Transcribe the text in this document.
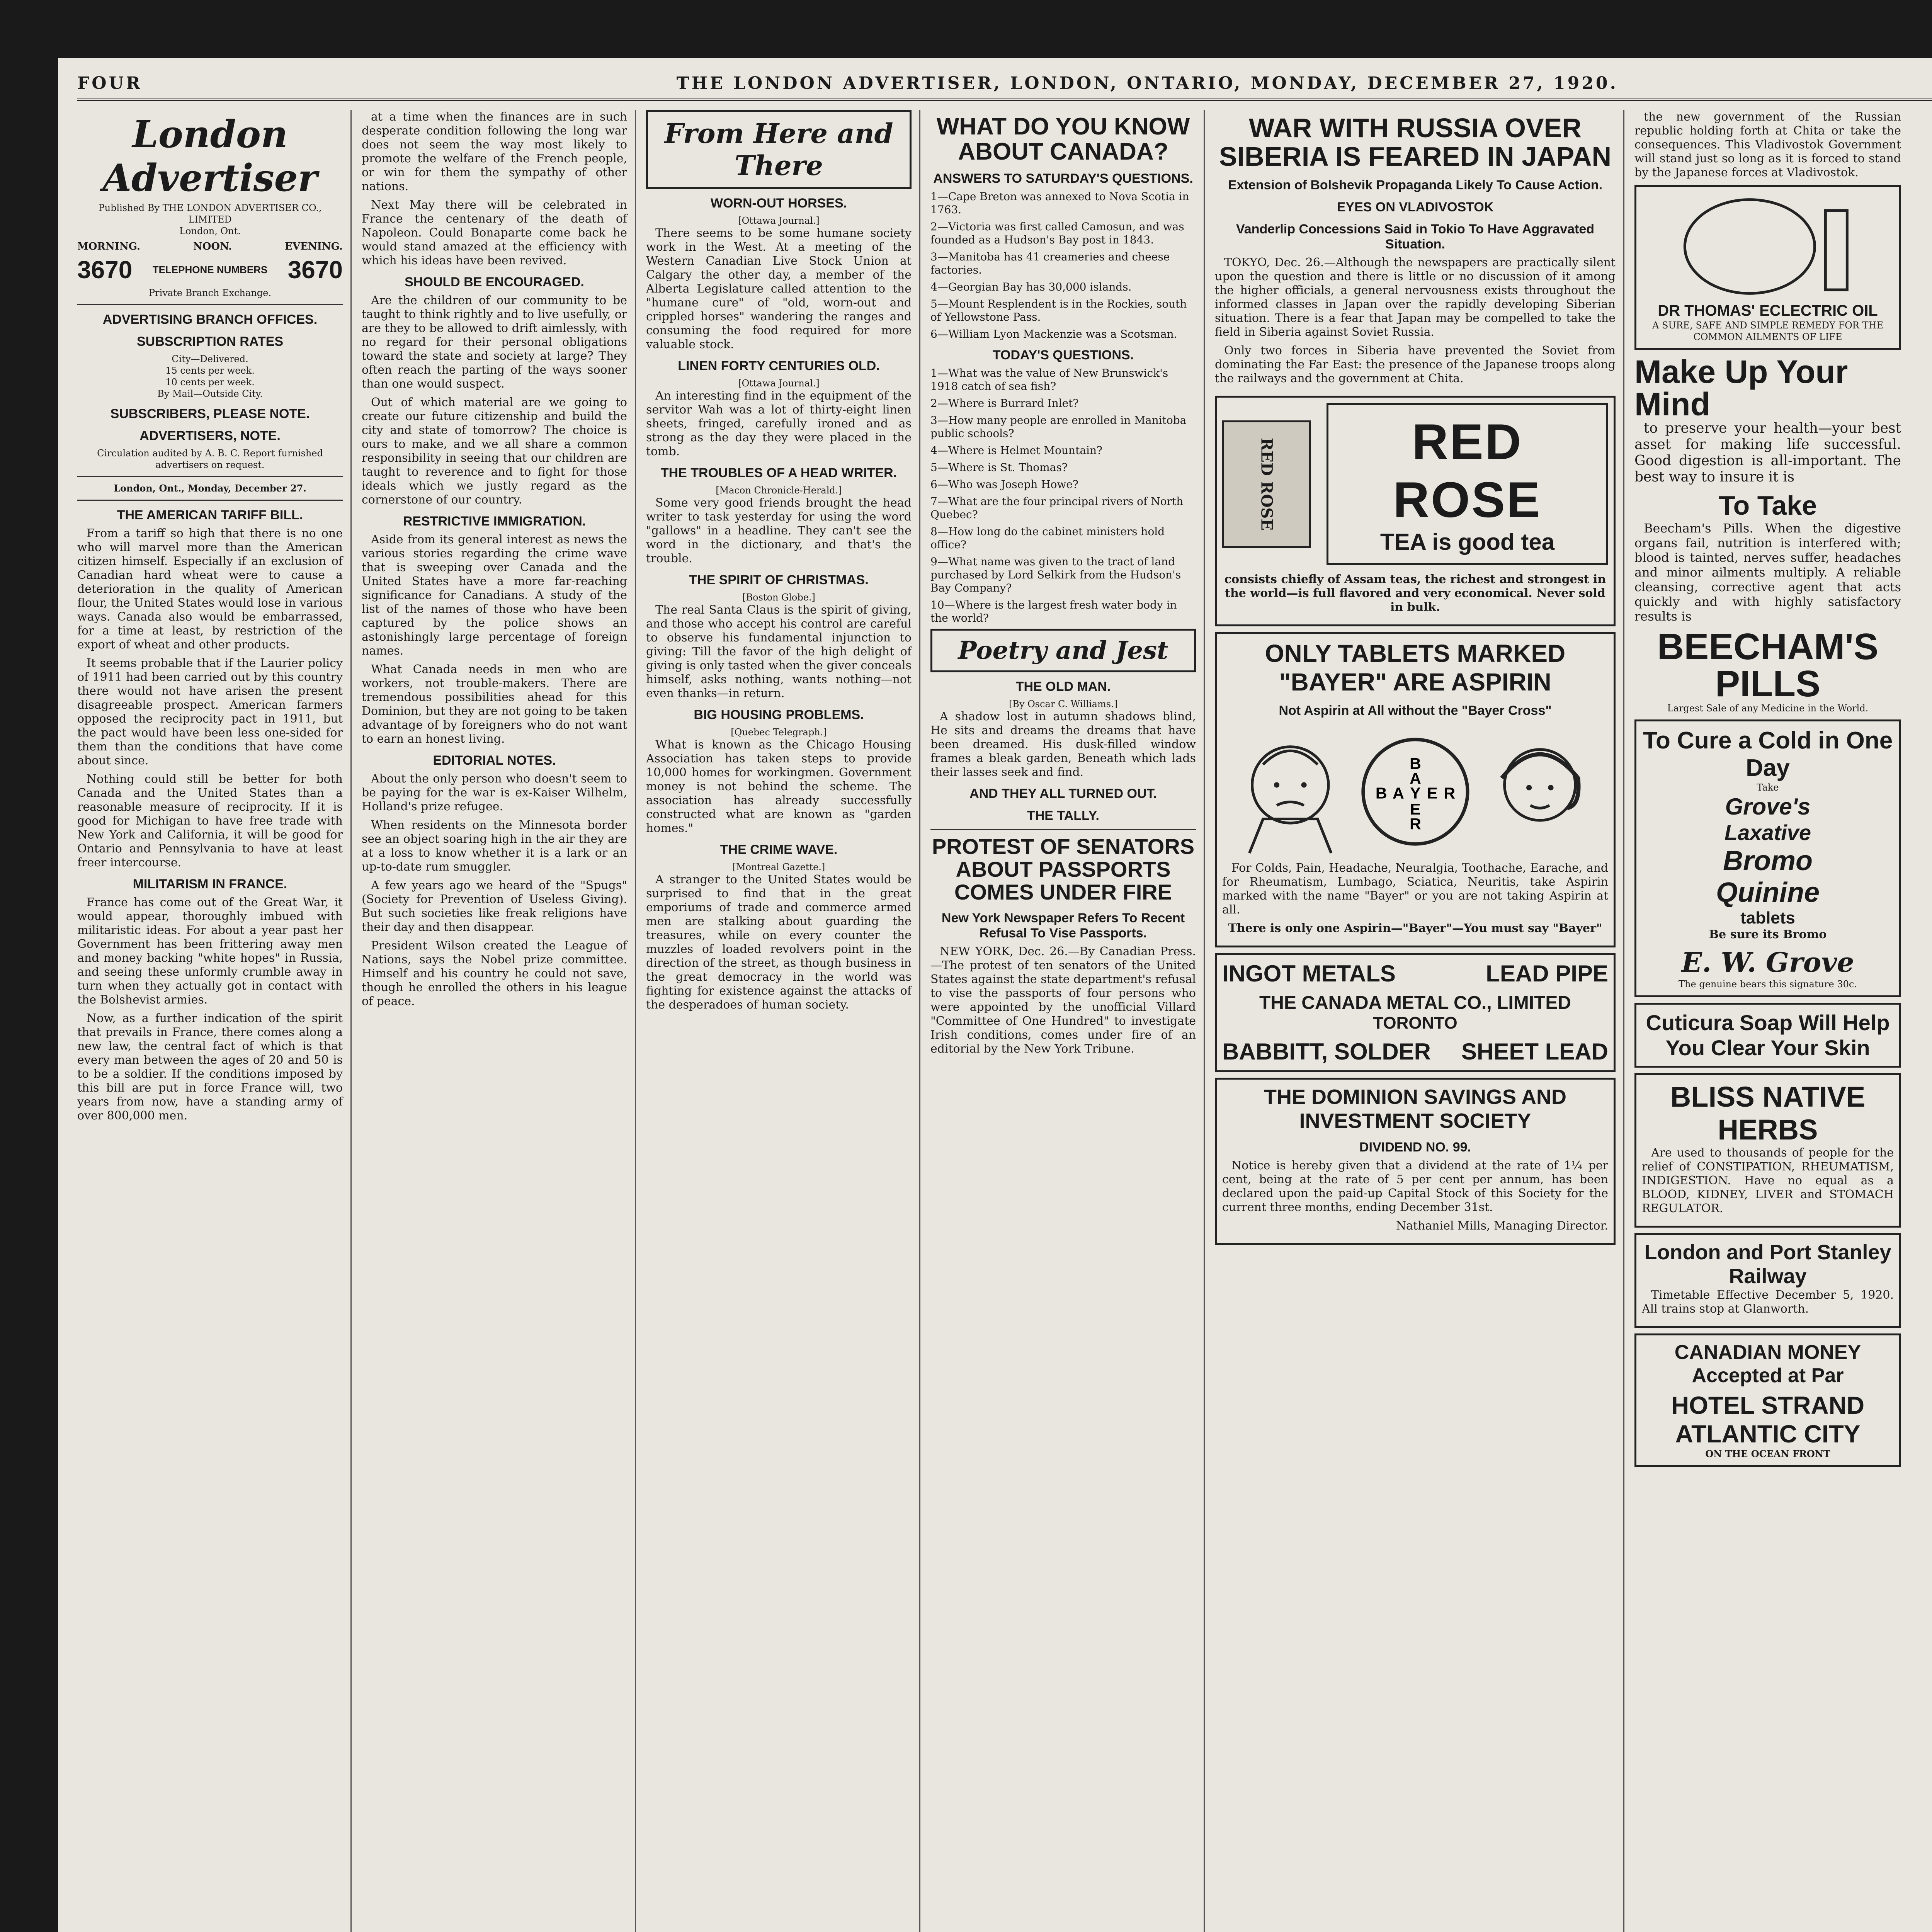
FOUR	THE LONDON ADVERTISER, LONDON, ONTARIO, MONDAY, DECEMBER 27, 1920.
London Advertiser

Published By THE LONDON ADVERTISER CO., LIMITED

London, Ont.

MORNING.	NOON.	EVENING.
3670 TELEPHONE NUMBERS 3670

Private Branch Exchange.

ADVERTISING BRANCH OFFICES.
SUBSCRIPTION RATES

City—Delivered.

15 cents per week.

10 cents per week.

By Mail—Outside City.

SUBSCRIBERS, PLEASE NOTE.
ADVERTISERS, NOTE.

Circulation audited by A. B. C. Report furnished advertisers on request.

London, Ont., Monday, December 27.

THE AMERICAN TARIFF BILL.

From a tariff so high that there is no one who will marvel more than the American citizen himself. Especially if an exclusion of Canadian hard wheat were to cause a deterioration in the quality of American flour, the United States would lose in various ways. Canada also would be embarrassed, for a time at least, by restriction of the export of wheat and other products.

It seems probable that if the Laurier policy of 1911 had been carried out by this country there would not have arisen the present disagreeable prospect. American farmers opposed the reciprocity pact in 1911, but the pact would have been less one-sided for them than the conditions that have come about since.

Nothing could still be better for both Canada and the United States than a reasonable measure of reciprocity. If it is good for Michigan to have free trade with New York and California, it will be good for Ontario and Pennsylvania to have at least freer intercourse.

MILITARISM IN FRANCE.

France has come out of the Great War, it would appear, thoroughly imbued with militaristic ideas. For about a year past her Government has been frittering away men and money backing "white hopes" in Russia, and seeing these unformly crumble away in turn when they actually got in contact with the Bolshevist armies.

Now, as a further indication of the spirit that prevails in France, there comes along a new law, the central fact of which is that every man between the ages of 20 and 50 is to be a soldier. If the conditions imposed by this bill are put in force France will, two years from now, have a standing army of over 800,000 men.

at a time when the finances are in such desperate condition following the long war does not seem the way most likely to promote the welfare of the French people, or win for them the sympathy of other nations.

Next May there will be celebrated in France the centenary of the death of Napoleon. Could Bonaparte come back he would stand amazed at the efficiency with which his ideas have been revived.

SHOULD BE ENCOURAGED.

Are the children of our community to be taught to think rightly and to live usefully, or are they to be allowed to drift aimlessly, with no regard for their personal obligations toward the state and society at large? They often reach the parting of the ways sooner than one would suspect.

Out of which material are we going to create our future citizenship and build the city and state of tomorrow? The choice is ours to make, and we all share a common responsibility in seeing that our children are taught to reverence and to fight for those ideals which we justly regard as the cornerstone of our country.

RESTRICTIVE IMMIGRATION.

Aside from its general interest as news the various stories regarding the crime wave that is sweeping over Canada and the United States have a more far-reaching significance for Canadians. A study of the list of the names of those who have been captured by the police shows an astonishingly large percentage of foreign names.

What Canada needs in men who are workers, not trouble-makers. There are tremendous possibilities ahead for this Dominion, but they are not going to be taken advantage of by foreigners who do not want to earn an honest living.

EDITORIAL NOTES.

About the only person who doesn't seem to be paying for the war is ex-Kaiser Wilhelm, Holland's prize refugee.

When residents on the Minnesota border see an object soaring high in the air they are at a loss to know whether it is a lark or an up-to-date rum smuggler.

A few years ago we heard of the "Spugs" (Society for Prevention of Useless Giving). But such societies like freak religions have their day and then disappear.

President Wilson created the League of Nations, says the Nobel prize committee. Himself and his country he could not save, though he enrolled the others in his league of peace.

From Here and There
WORN-OUT HORSES.

[Ottawa Journal.]

There seems to be some humane society work in the West. At a meeting of the Western Canadian Live Stock Union at Calgary the other day, a member of the Alberta Legislature called attention to the "humane cure" of "old, worn-out and crippled horses" wandering the ranges and consuming the food required for more valuable stock.

LINEN FORTY CENTURIES OLD.

[Ottawa Journal.]

An interesting find in the equipment of the servitor Wah was a lot of thirty-eight linen sheets, fringed, carefully ironed and as strong as the day they were placed in the tomb.

THE TROUBLES OF A HEAD WRITER.

[Macon Chronicle-Herald.]

Some very good friends brought the head writer to task yesterday for using the word "gallows" in a headline. They can't see the word in the dictionary, and that's the trouble.

THE SPIRIT OF CHRISTMAS.

[Boston Globe.]

The real Santa Claus is the spirit of giving, and those who accept his control are careful to observe his fundamental injunction to giving: Till the favor of the high delight of giving is only tasted when the giver conceals himself, asks nothing, wants nothing—not even thanks—in return.

BIG HOUSING PROBLEMS.

[Quebec Telegraph.]

What is known as the Chicago Housing Association has taken steps to provide 10,000 homes for workingmen. Government money is not behind the scheme. The association has already successfully constructed what are known as "garden homes."

THE CRIME WAVE.

[Montreal Gazette.]

A stranger to the United States would be surprised to find that in the great emporiums of trade and commerce armed men are stalking about guarding the treasures, while on every counter the muzzles of loaded revolvers point in the direction of the street, as though business in the great democracy in the world was fighting for existence against the attacks of the desperadoes of human society.

WHAT DO YOU KNOW ABOUT CANADA?
ANSWERS TO SATURDAY'S QUESTIONS.

1—Cape Breton was annexed to Nova Scotia in 1763.

2—Victoria was first called Camosun, and was founded as a Hudson's Bay post in 1843.

3—Manitoba has 41 creameries and cheese factories.

4—Georgian Bay has 30,000 islands.

5—Mount Resplendent is in the Rockies, south of Yellowstone Pass.

6—William Lyon Mackenzie was a Scotsman.

TODAY'S QUESTIONS.

1—What was the value of New Brunswick's 1918 catch of sea fish?

2—Where is Burrard Inlet?

3—How many people are enrolled in Manitoba public schools?

4—Where is Helmet Mountain?

5—Where is St. Thomas?

6—Who was Joseph Howe?

7—What are the four principal rivers of North Quebec?

8—How long do the cabinet ministers hold office?

9—What name was given to the tract of land purchased by Lord Selkirk from the Hudson's Bay Company?

10—Where is the largest fresh water body in the world?

Poetry and Jest
THE OLD MAN.

[By Oscar C. Williams.]

A shadow lost in autumn shadows blind, He sits and dreams the dreams that have been dreamed. His dusk-filled window frames a bleak garden, Beneath which lads their lasses seek and find.

AND THEY ALL TURNED OUT.
THE TALLY.
PROTEST OF SENATORS ABOUT PASSPORTS COMES UNDER FIRE
New York Newspaper Refers To Recent Refusal To Vise Passports.

NEW YORK, Dec. 26.—By Canadian Press.—The protest of ten senators of the United States against the state department's refusal to vise the passports of four persons who were appointed by the unofficial Villard "Committee of One Hundred" to investigate Irish conditions, comes under fire of an editorial by the New York Tribune.

WAR WITH RUSSIA OVER SIBERIA IS FEARED IN JAPAN
Extension of Bolshevik Propaganda Likely To Cause Action.
EYES ON VLADIVOSTOK
Vanderlip Concessions Said in Tokio To Have Aggravated Situation.

TOKYO, Dec. 26.—Although the newspapers are practically silent upon the question and there is little or no discussion of it among the higher officials, a general nervousness exists throughout the informed classes in Japan over the rapidly developing Siberian situation. There is a fear that Japan may be compelled to take the field in Siberia against Soviet Russia.

Only two forces in Siberia have prevented the Soviet from dominating the Far East: the presence of the Japanese troops along the railways and the government at Chita.

RED ROSE	RED ROSE
TEA is good tea

consists chiefly of Assam teas, the richest and strongest in the world—is full flavored and very economical. Never sold in bulk.

ONLY TABLETS MARKED "BAYER" ARE ASPIRIN
Not Aspirin at All without the "Bayer Cross"
B
A
B A Y E R
E
R

For Colds, Pain, Headache, Neuralgia, Toothache, Earache, and for Rheumatism, Lumbago, Sciatica, Neuritis, take Aspirin marked with the name "Bayer" or you are not taking Aspirin at all.

There is only one Aspirin—"Bayer"—You must say "Bayer"

INGOT METALS	LEAD PIPE
THE CANADA METAL CO., LIMITED
TORONTO
BABBITT, SOLDER SHEET LEAD
THE DOMINION SAVINGS AND INVESTMENT SOCIETY
DIVIDEND NO. 99.

Notice is hereby given that a dividend at the rate of 1¼ per cent, being at the rate of 5 per cent per annum, has been declared upon the paid-up Capital Stock of this Society for the current three months, ending December 31st.

Nathaniel Mills, Managing Director.

the new government of the Russian republic holding forth at Chita or take the consequences. This Vladivostok Government will stand just so long as it is forced to stand by the Japanese forces at Vladivostok.

DR THOMAS' ECLECTRIC OIL

A SURE, SAFE AND SIMPLE REMEDY FOR THE COMMON AILMENTS OF LIFE

Make Up Your Mind

to preserve your health—your best asset for making life successful. Good digestion is all-important. The best way to insure it is

To Take

Beecham's Pills. When the digestive organs fail, nutrition is interfered with; blood is tainted, nerves suffer, headaches and minor ailments multiply. A reliable cleansing, corrective agent that acts quickly and with highly satisfactory results is

BEECHAM'S PILLS

Largest Sale of any Medicine in the World.

To Cure a Cold in One Day

Take

Grove's
Laxative
Bromo
Quinine
tablets

Be sure its Bromo

E. W. Grove

The genuine bears this signature 30c.

Cuticura Soap Will Help You Clear Your Skin
BLISS NATIVE HERBS

Are used to thousands of people for the relief of CONSTIPATION, RHEUMATISM, INDIGESTION. Have no equal as a BLOOD, KIDNEY, LIVER and STOMACH REGULATOR.

London and Port Stanley Railway

Timetable Effective December 5, 1920. All trains stop at Glanworth.

CANADIAN MONEY Accepted at Par
HOTEL STRAND ATLANTIC CITY

ON THE OCEAN FRONT
